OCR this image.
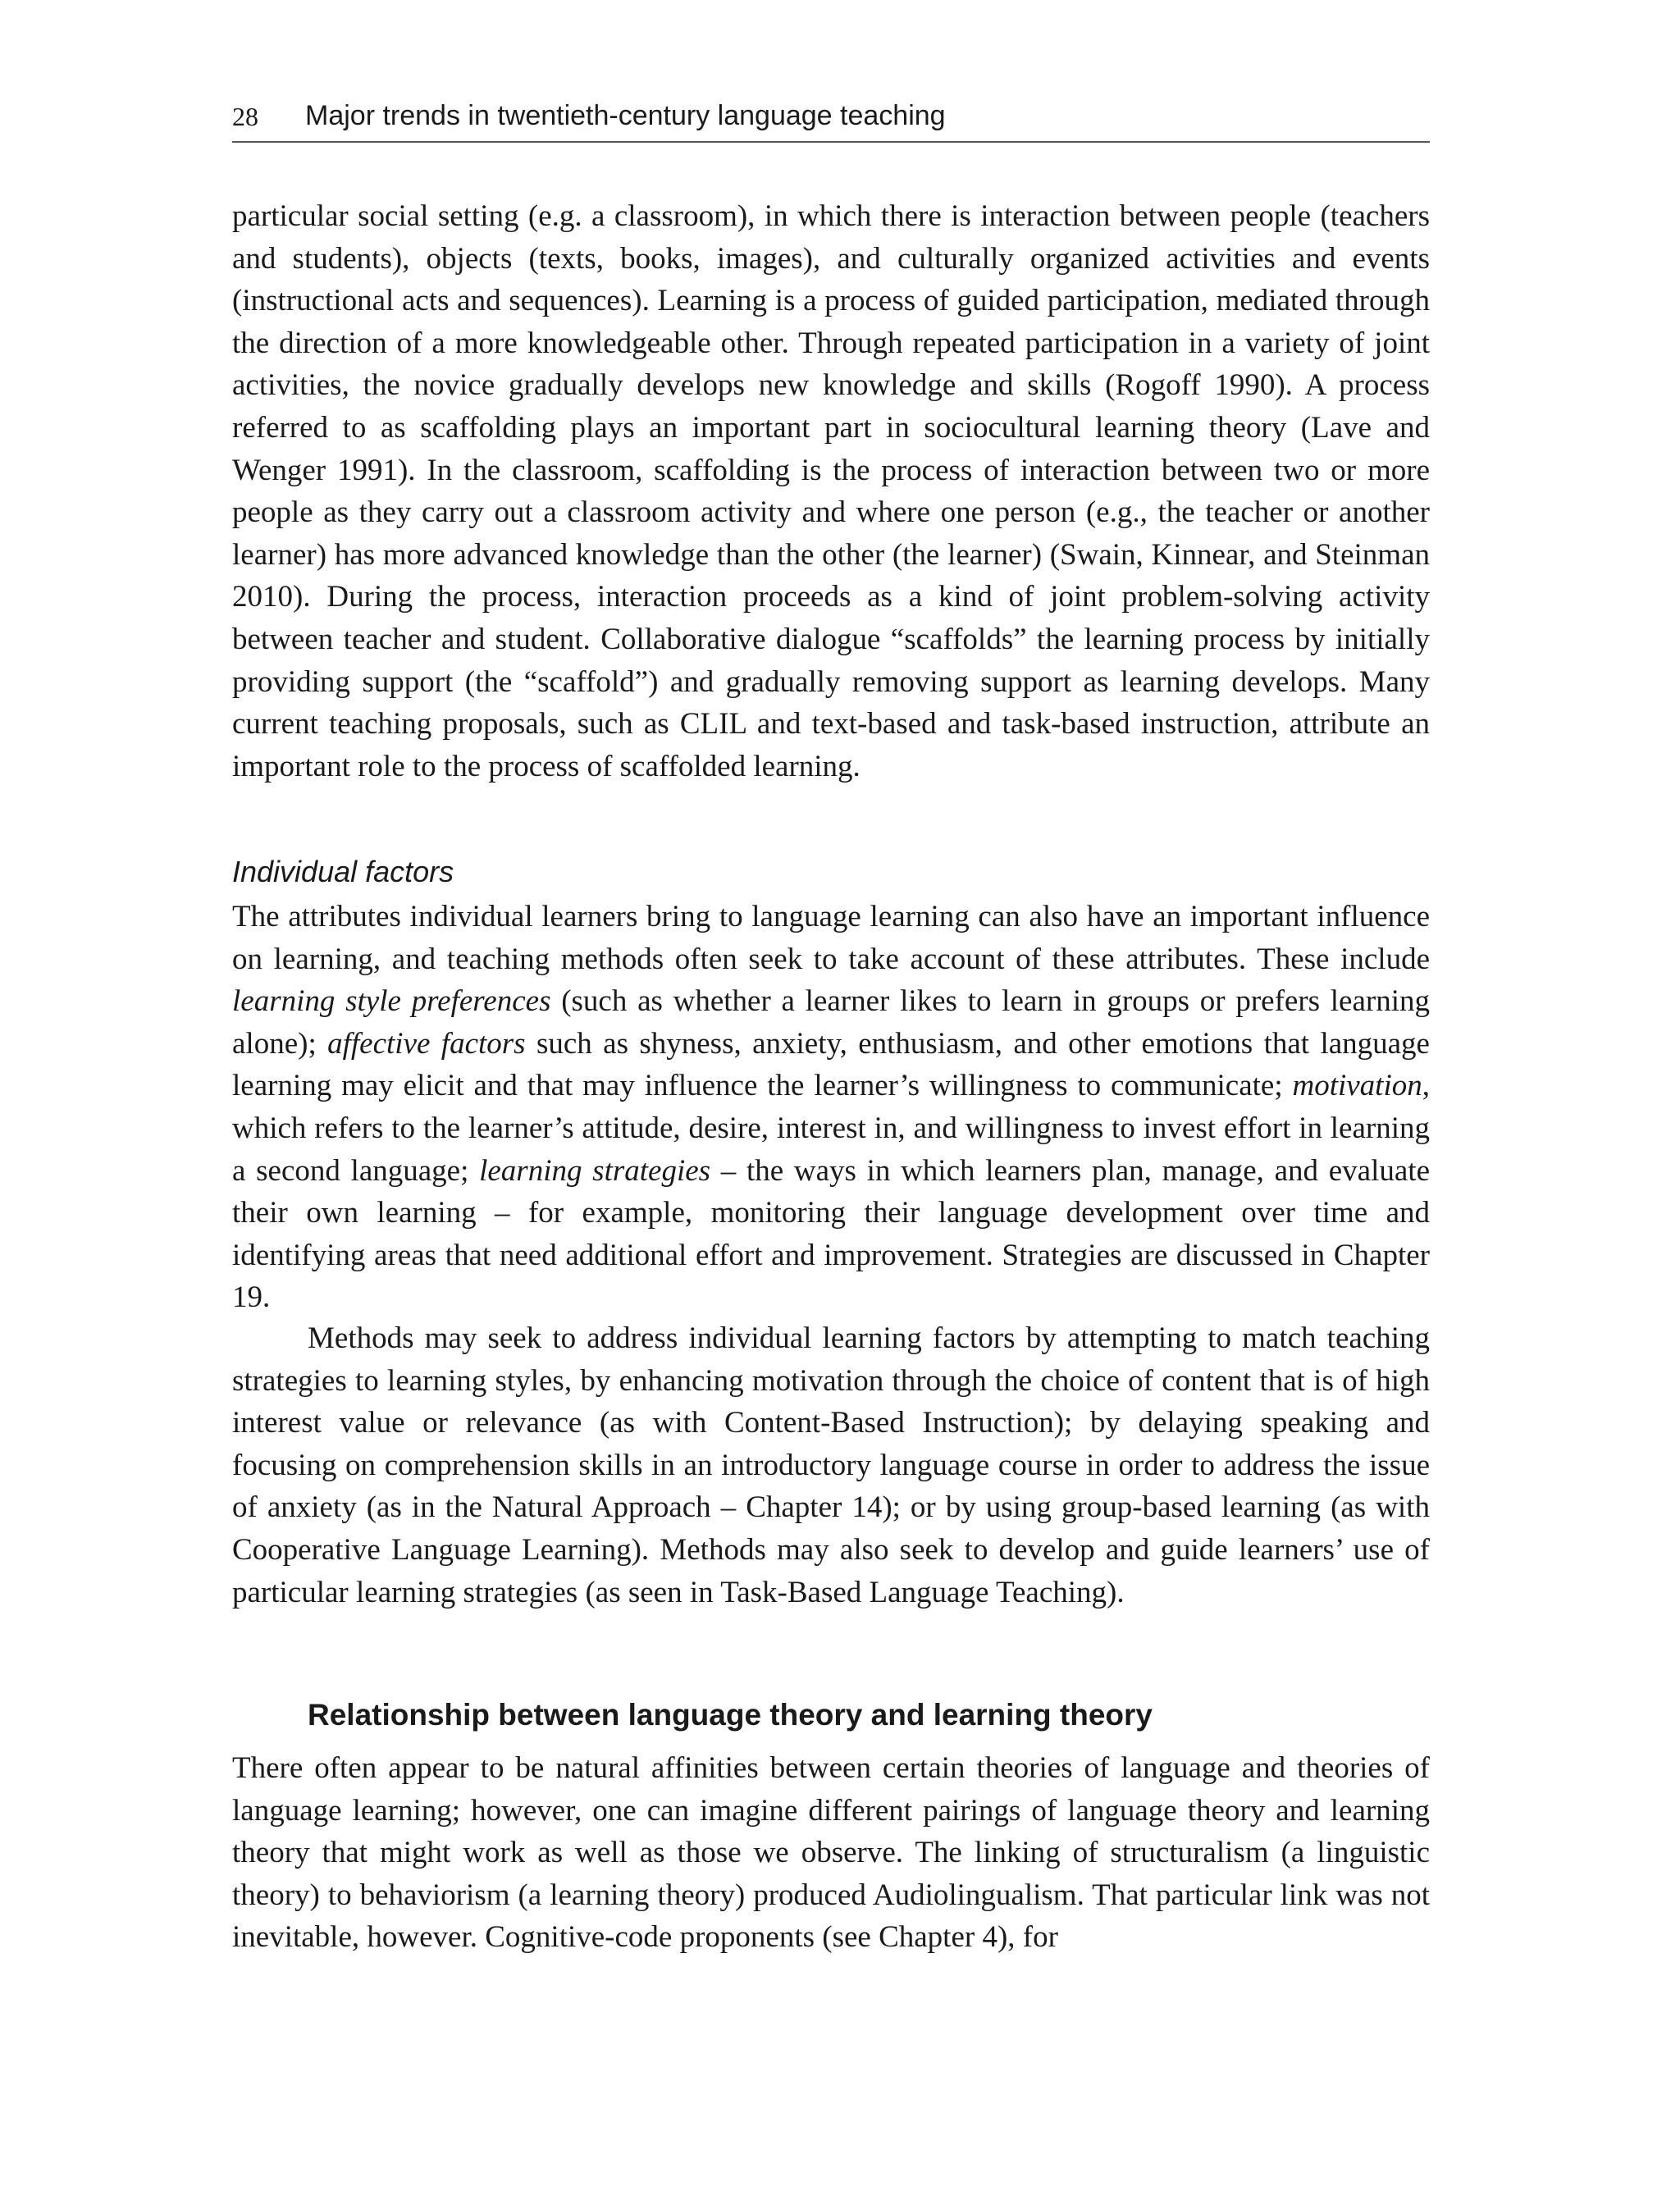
28 Major trends in twentieth-century language teaching

particular social setting (e.g. a classroom), in which there is interaction between people (teachers and students), objects (texts, books, images), and culturally organized activities and events (instructional acts and sequences). Learning is a process of guided participation, mediated through the direction of a more knowledgeable other. Through repeated participation in a variety of joint activities, the novice gradually develops new knowledge and skills (Rogoff 1990). A process referred to as scaffolding plays an important part in sociocultural learning theory (Lave and Wenger 1991). In the classroom, scaffolding is the process of interaction between two or more people as they carry out a classroom activity and where one person (e.g., the teacher or another learner) has more advanced knowledge than the other (the learner) (Swain, Kinnear, and Steinman 2010). During the process, interaction proceeds as a kind of joint problem-solving activity between teacher and student. Collaborative dialogue “scaffolds” the learning process by initially providing support (the “scaffold”) and gradually removing support as learning develops. Many current teaching proposals, such as CLIL and text-based and task-based instruction, attribute an important role to the process of scaffolded learning.

Individual factors

The attributes individual learners bring to language learning can also have an important influence on learning, and teaching methods often seek to take account of these attributes. These include learning style preferences (such as whether a learner likes to learn in groups or prefers learning alone); affective factors such as shyness, anxiety, enthusiasm, and other emotions that language learning may elicit and that may influence the learner’s willingness to communicate; motivation, which refers to the learner’s attitude, desire, interest in, and willingness to invest effort in learning a second language; learning strategies – the ways in which learners plan, manage, and evaluate their own learning – for example, monitoring their language development over time and identifying areas that need additional effort and improvement. Strategies are discussed in Chapter 19.

Methods may seek to address individual learning factors by attempting to match teaching strategies to learning styles, by enhancing motivation through the choice of content that is of high interest value or relevance (as with Content-Based Instruction); by delaying speaking and focusing on comprehension skills in an introductory language course in order to address the issue of anxiety (as in the Natural Approach – Chapter 14); or by using group-based learning (as with Cooperative Language Learning). Methods may also seek to develop and guide learners’ use of particular learning strategies (as seen in Task-Based Language Teaching).

Relationship between language theory and learning theory

There often appear to be natural affinities between certain theories of language and theories of language learning; however, one can imagine different pairings of language theory and learning theory that might work as well as those we observe. The linking of structuralism (a linguistic theory) to behaviorism (a learning theory) produced Audiolingualism. That particular link was not inevitable, however. Cognitive-code proponents (see Chapter 4), for
